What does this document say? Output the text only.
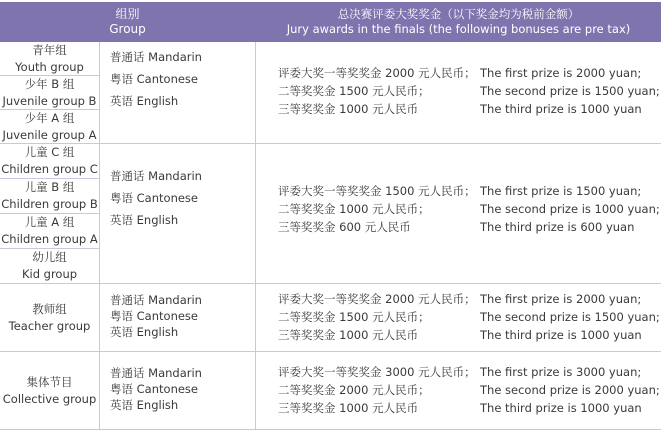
组别
Group
总决赛评委大奖奖金（以下奖金均为税前金额）
Jury awards in the finals (the following bonuses are pre tax)
青年组
Youth group
少年 B 组
Juvenile group B
少年 A 组
Juvenile group A
普通话 Mandarin
粤语 Cantonese
英语 English
评委大奖一等奖奖金 2000 元人民币；
二等奖奖金 1500 元人民币；
三等奖奖金 1000 元人民币
The first prize is 2000 yuan;
The second prize is 1500 yuan;
The third prize is 1000 yuan
儿童 C 组
Children group C
儿童 B 组
Children group B
儿童 A 组
Children group A
幼儿组
Kid group
普通话 Mandarin
粤语 Cantonese
英语 English
评委大奖一等奖奖金 1500 元人民币；
二等奖奖金 1000 元人民币；
三等奖奖金 600 元人民币
The first prize is 1500 yuan;
The second prize is 1000 yuan;
The third prize is 600 yuan
教师组
Teacher group
普通话 Mandarin
粤语 Cantonese
英语 English
评委大奖一等奖奖金 2000 元人民币；
二等奖奖金 1500 元人民币；
三等奖奖金 1000 元人民币
The first prize is 2000 yuan;
The second prize is 1500 yuan;
The third prize is 1000 yuan
集体节目
Collective group
普通话 Mandarin
粤语 Cantonese
英语 English
评委大奖一等奖奖金 3000 元人民币；
二等奖奖金 2000 元人民币；
三等奖奖金 1000 元人民币
The first prize is 3000 yuan;
The second prize is 2000 yuan;
The third prize is 1000 yuan
